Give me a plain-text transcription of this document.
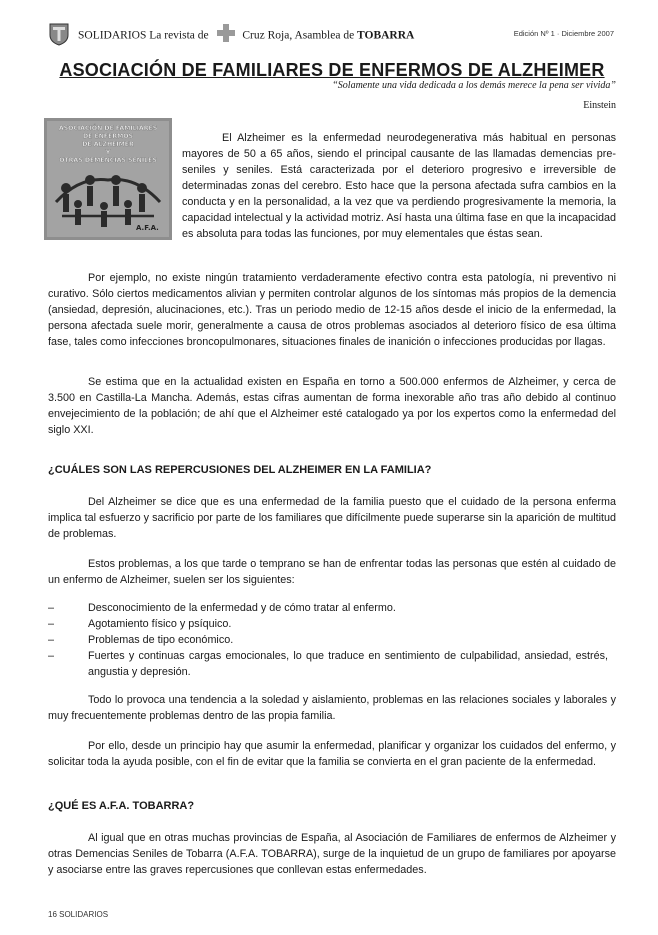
SOLIDARIOS La revista de	Cruz Roja, Asamblea de TOBARRA	Edición Nº 1 · Diciembre 2007
ASOCIACIÓN DE FAMILIARES DE ENFERMOS DE ALZHEIMER
“Solamente una vida dedicada a los demás merece la pena ser vivida”
Einstein
ASOCIACIÓN DE FAMILIARES
DE ENFERMOS
DE ALZHEIMER
Y
OTRAS DEMENCIAS SENILES
A.F.A.

El Alzheimer es la enfermedad neurodegenerativa más habitual en personas mayores de 50 a 65 años, siendo el principal causante de las llamadas demencias pre-seniles y seniles. Está caracterizada por el deterioro progresivo e irreversible de determinadas zonas del cerebro. Esto hace que la persona afectada sufra cambios en la conducta y en la personalidad, a la vez que va perdiendo progresivamente la memoria, la capacidad intelectual y la actividad motriz. Así hasta una última fase en que la incapacidad es absoluta para todas las funciones, por muy elementales que éstas sean.

Por ejemplo, no existe ningún tratamiento verdaderamente efectivo contra esta patología, ni preventivo ni curativo. Sólo ciertos medicamentos alivian y permiten controlar algunos de los síntomas más propios de la demencia (ansiedad, depresión, alucinaciones, etc.). Tras un periodo medio de 12-15 años desde el inicio de la enfermedad, la persona afectada suele morir, generalmente a causa de otros problemas asociados al deterioro físico de esa última fase, tales como infecciones broncopulmonares, situaciones finales de inanición o infecciones producidas por llagas.

Se estima que en la actualidad existen en España en torno a 500.000 enfermos de Alzheimer, y cerca de 3.500 en Castilla-La Mancha. Además, estas cifras aumentan de forma inexorable año tras año debido al continuo envejecimiento de la población; de ahí que el Alzheimer esté catalogado ya por los expertos como la enfermedad del siglo XXI.

¿CUÁLES SON LAS REPERCUSIONES DEL ALZHEIMER EN LA FAMILIA?

Del Alzheimer se dice que es una enfermedad de la familia puesto que el cuidado de la persona enferma implica tal esfuerzo y sacrificio por parte de los familiares que difícilmente puede superarse sin la aparición de multitud de problemas.

Estos problemas, a los que tarde o temprano se han de enfrentar todas las personas que estén al cuidado de un enfermo de Alzheimer, suelen ser los siguientes:

– Desconocimiento de la enfermedad y de cómo tratar al enfermo.
– Agotamiento físico y psíquico.
– Problemas de tipo económico.
– Fuertes y continuas cargas emocionales, lo que traduce en sentimiento de culpabilidad, ansiedad, estrés, angustia y depresión.

Todo lo provoca una tendencia a la soledad y aislamiento, problemas en las relaciones sociales y laborales y muy frecuentemente problemas dentro de las propia familia.

Por ello, desde un principio hay que asumir la enfermedad, planificar y organizar los cuidados del enfermo, y solicitar toda la ayuda posible, con el fin de evitar que la familia se convierta en el gran paciente de la enfermedad.

¿QUÉ ES A.F.A. TOBARRA?

Al igual que en otras muchas provincias de España, al Asociación de Familiares de enfermos de Alzheimer y otras Demencias Seniles de Tobarra (A.F.A. TOBARRA), surge de la inquietud de un grupo de familiares por apoyarse y asociarse entre las graves repercusiones que conllevan estas enfermedades.

16 SOLIDARIOS
